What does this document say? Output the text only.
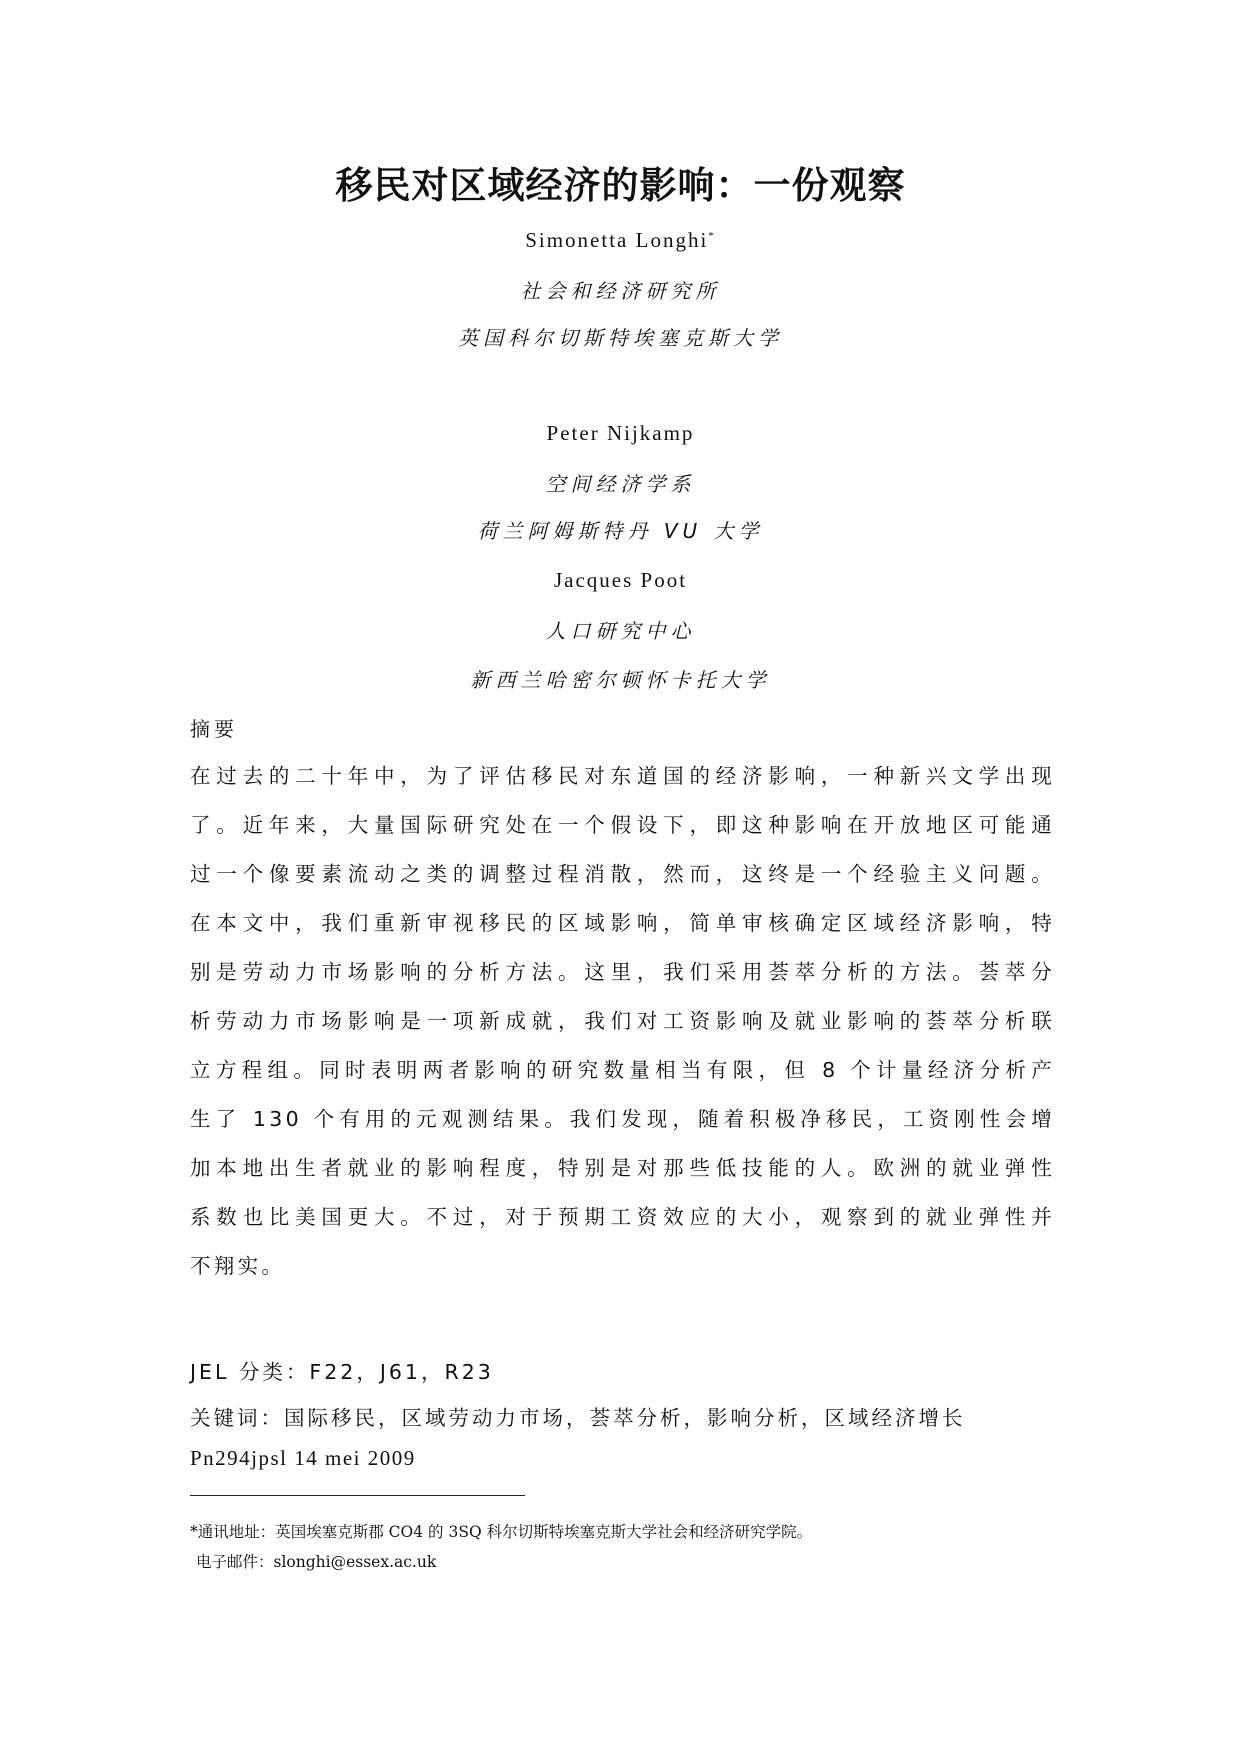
移民对区域经济的影响：一份观察
Simonetta Longhi*
社会和经济研究所
英国科尔切斯特埃塞克斯大学
Peter Nijkamp
空间经济学系
荷兰阿姆斯特丹 VU 大学
Jacques Poot
人口研究中心
新西兰哈密尔顿怀卡托大学
摘要
在过去的二十年中，为了评估移民对东道国的经济影响，一种新兴文学出现
了。近年来，大量国际研究处在一个假设下，即这种影响在开放地区可能通
过一个像要素流动之类的调整过程消散，然而，这终是一个经验主义问题。
在本文中，我们重新审视移民的区域影响，简单审核确定区域经济影响，特
别是劳动力市场影响的分析方法。这里，我们采用荟萃分析的方法。荟萃分
析劳动力市场影响是一项新成就，我们对工资影响及就业影响的荟萃分析联
立方程组。同时表明两者影响的研究数量相当有限，但 8 个计量经济分析产
生了 130 个有用的元观测结果。我们发现，随着积极净移民，工资刚性会增
加本地出生者就业的影响程度，特别是对那些低技能的人。欧洲的就业弹性
系数也比美国更大。不过，对于预期工资效应的大小，观察到的就业弹性并
不翔实。
JEL 分类：F22，J61，R23
关键词：国际移民，区域劳动力市场，荟萃分析，影响分析，区域经济增长
Pn294jpsl 14 mei 2009
*通讯地址：英国埃塞克斯郡 CO4 的 3SQ 科尔切斯特埃塞克斯大学社会和经济研究学院。
电子邮件：slonghi@essex.ac.uk
